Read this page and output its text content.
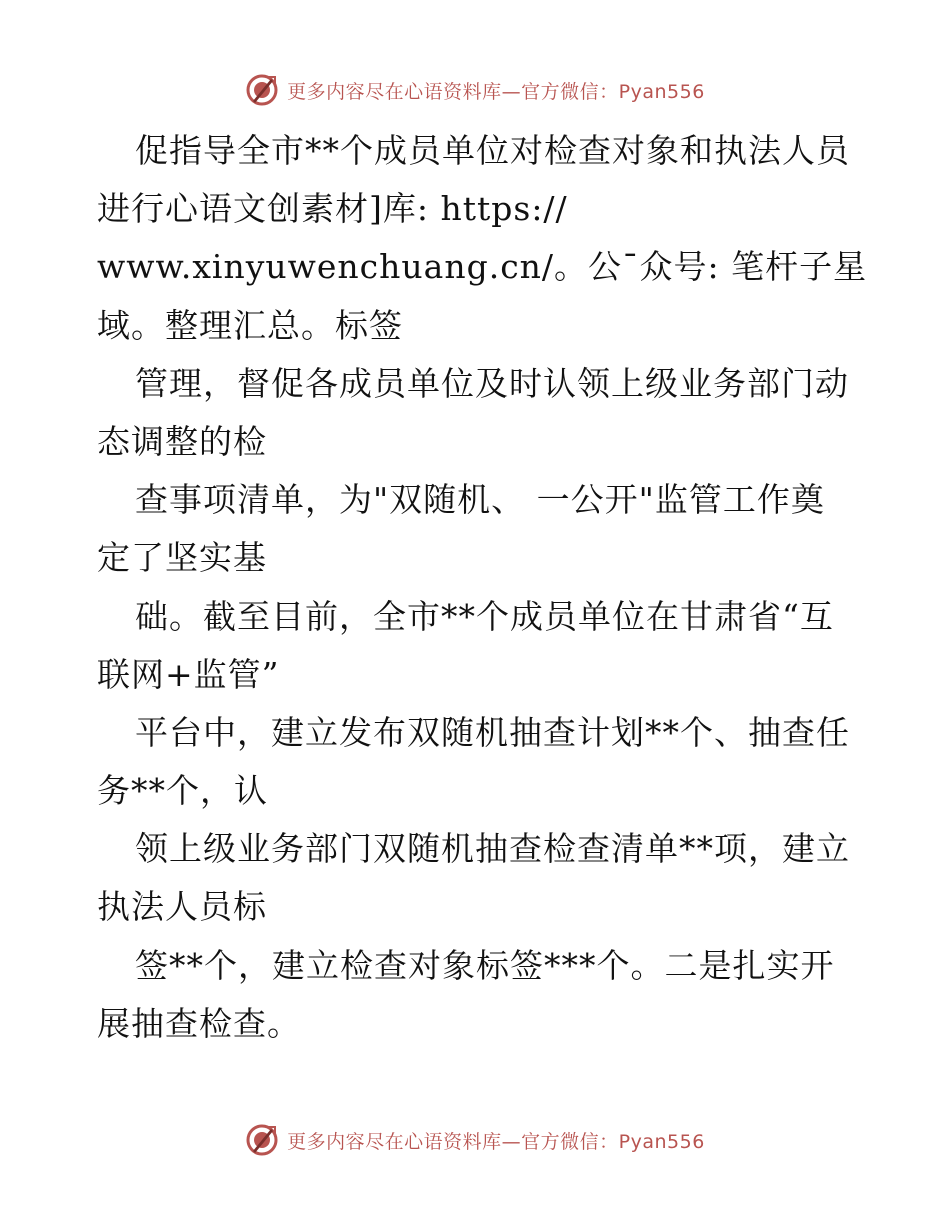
更多内容尽在心语资料库—官方微信：Pyan556
促指导全市**个成员单位对检查对象和执法人员
进行心语文创素材]库: https://
www.xinyuwenchuang.cn/。公¯众号: 笔杆子星
域。整理汇总。标签
管理，督促各成员单位及时认领上级业务部门动
态调整的检
查事项清单，为"双随机、 一公开"监管工作奠
定了坚实基
础。截至目前，全市**个成员单位在甘肃省“互
联网+监管”
平台中，建立发布双随机抽查计划**个、抽查任
务**个，认
领上级业务部门双随机抽查检查清单**项，建立
执法人员标
签**个，建立检查对象标签***个。二是扎实开
展抽查检查。
更多内容尽在心语资料库—官方微信：Pyan556
